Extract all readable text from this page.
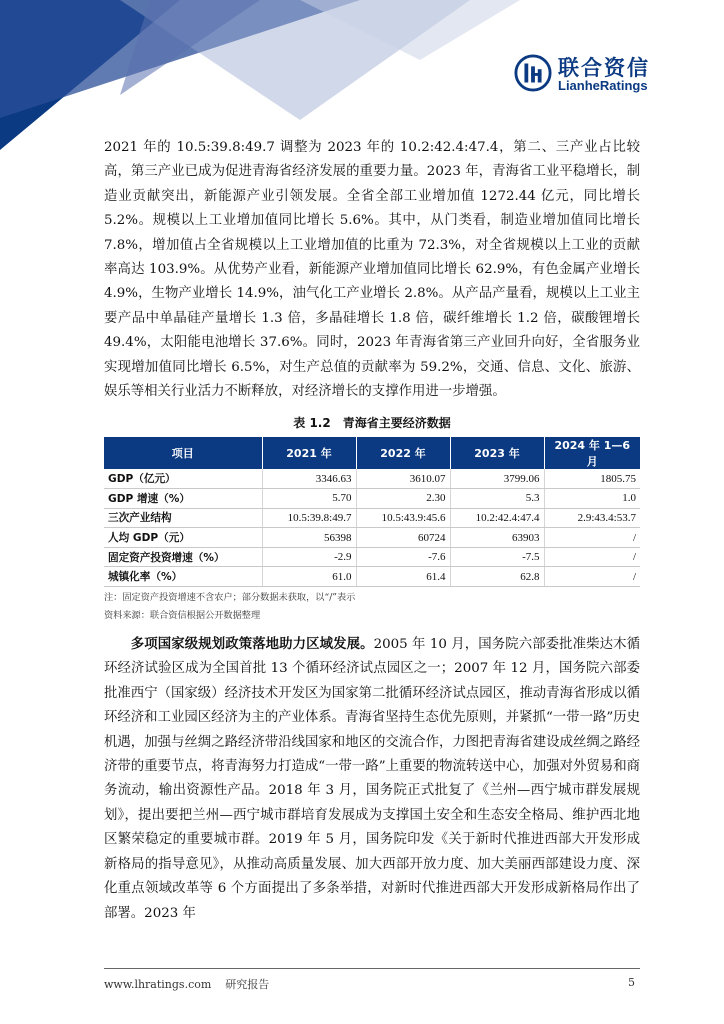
联合资信
LianheRatings

2021 年的 10.5:39.8:49.7 调整为 2023 年的 10.2:42.4:47.4，第二、三产业占比较高，第三产业已成为促进青海省经济发展的重要力量。2023 年，青海省工业平稳增长，制造业贡献突出，新能源产业引领发展。全省全部工业增加值 1272.44 亿元，同比增长 5.2%。规模以上工业增加值同比增长 5.6%。其中，从门类看，制造业增加值同比增长 7.8%，增加值占全省规模以上工业增加值的比重为 72.3%，对全省规模以上工业的贡献率高达 103.9%。从优势产业看，新能源产业增加值同比增长 62.9%，有色金属产业增长 4.9%，生物产业增长 14.9%，油气化工产业增长 2.8%。从产品产量看，规模以上工业主要产品中单晶硅产量增长 1.3 倍，多晶硅增长 1.8 倍，碳纤维增长 1.2 倍，碳酸锂增长 49.4%，太阳能电池增长 37.6%。同时，2023 年青海省第三产业回升向好，全省服务业实现增加值同比增长 6.5%，对生产总值的贡献率为 59.2%，交通、信息、文化、旅游、娱乐等相关行业活力不断释放，对经济增长的支撑作用进一步增强。

表 1.2　青海省主要经济数据
项目	2021 年	2022 年	2023 年	2024 年 1—6 月
GDP（亿元）	3346.63	3610.07	3799.06	1805.75
GDP 增速（%）	5.70	2.30	5.3	1.0
三次产业结构	10.5:39.8:49.7	10.5:43.9:45.6	10.2:42.4:47.4	2.9:43.4:53.7
人均 GDP（元）	56398	60724	63903	/
固定资产投资增速（%）	-2.9	-7.6	-7.5	/
城镇化率（%）	61.0	61.4	62.8	/
注：固定资产投资增速不含农户；部分数据未获取，以“/”表示
资料来源：联合资信根据公开数据整理

多项国家级规划政策落地助力区域发展。2005 年 10 月，国务院六部委批准柴达木循环经济试验区成为全国首批 13 个循环经济试点园区之一；2007 年 12 月，国务院六部委批准西宁（国家级）经济技术开发区为国家第二批循环经济试点园区，推动青海省形成以循环经济和工业园区经济为主的产业体系。青海省坚持生态优先原则，并紧抓“一带一路”历史机遇，加强与丝绸之路经济带沿线国家和地区的交流合作，力图把青海省建设成丝绸之路经济带的重要节点，将青海努力打造成“一带一路”上重要的物流转送中心，加强对外贸易和商务流动，输出资源性产品。2018 年 3 月，国务院正式批复了《兰州—西宁城市群发展规划》，提出要把兰州—西宁城市群培育发展成为支撑国土安全和生态安全格局、维护西北地区繁荣稳定的重要城市群。2019 年 5 月，国务院印发《关于新时代推进西部大开发形成新格局的指导意见》，从推动高质量发展、加大西部开放力度、加大美丽西部建设力度、深化重点领域改革等 6 个方面提出了多条举措，对新时代推进西部大开发形成新格局作出了部署。2023 年

www.lhratings.com 研究报告	5
